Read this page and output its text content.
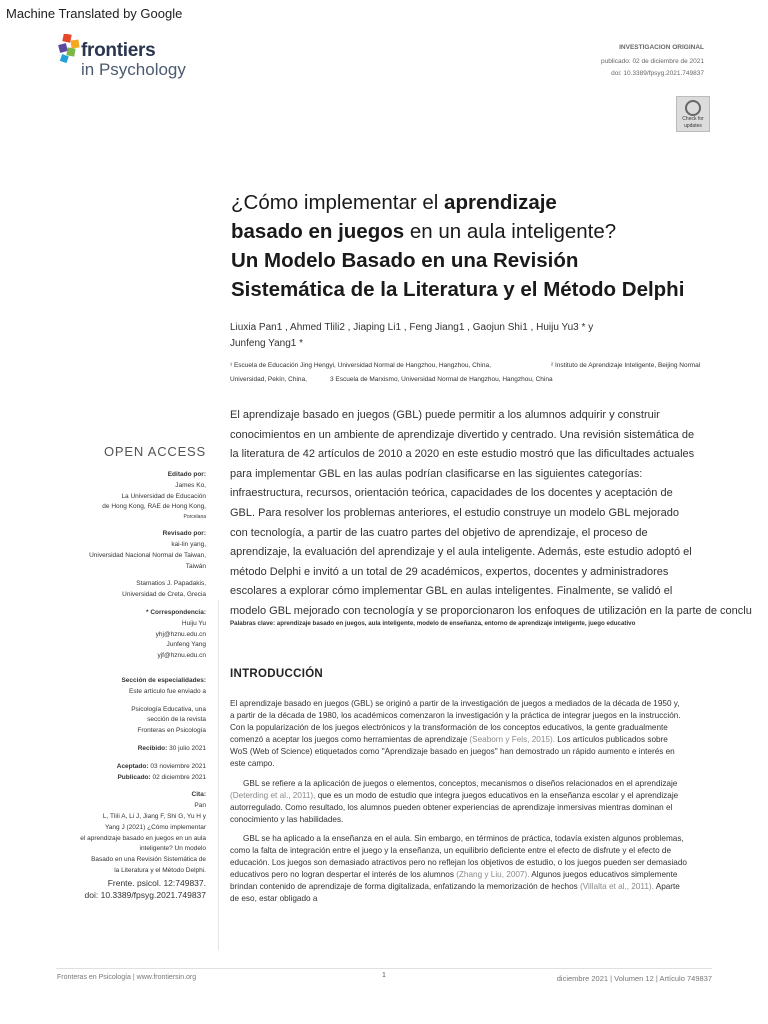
Machine Translated by Google
frontiers
in Psychology
INVESTIGACION ORIGINAL
publicado: 02 de diciembre de 2021
doi: 10.3389/fpsyg.2021.749837
Check for
updates
¿Cómo implementar el aprendizaje
basado en juegos en un aula inteligente?
Un Modelo Basado en una Revisión
Sistemática de la Literatura y el Método Delphi
Liuxia Pan1 , Ahmed Tlili2 , Jiaping Li1 , Feng Jiang1 , Gaojun Shi1 , Huiju Yu3 * y
Junfeng Yang1 *
¹ Escuela de Educación Jing Hengyi, Universidad Normal de Hangzhou, Hangzhou, China,	² Instituto de Aprendizaje Inteligente, Beijing Normal
Universidad, Pekín, China,	3 Escuela de Marxismo, Universidad Normal de Hangzhou, Hangzhou, China
El aprendizaje basado en juegos (GBL) puede permitir a los alumnos adquirir y construir
conocimientos en un ambiente de aprendizaje divertido y centrado. Una revisión sistemática de
la literatura de 42 artículos de 2010 a 2020 en este estudio mostró que las dificultades actuales
para implementar GBL en las aulas podrían clasificarse en las siguientes categorías:
infraestructura, recursos, orientación teórica, capacidades de los docentes y aceptación de
GBL. Para resolver los problemas anteriores, el estudio construye un modelo GBL mejorado
con tecnología, a partir de las cuatro partes del objetivo de aprendizaje, el proceso de
aprendizaje, la evaluación del aprendizaje y el aula inteligente. Además, este estudio adoptó el
método Delphi e invitó a un total de 29 académicos, expertos, docentes y administradores
escolares a explorar cómo implementar GBL en aulas inteligentes. Finalmente, se validó el
modelo GBL mejorado con tecnología y se proporcionaron los enfoques de utilización en la parte de conclu
Palabras clave: aprendizaje basado en juegos, aula inteligente, modelo de enseñanza, entorno de aprendizaje inteligente, juego educativo
INTRODUCCIÓN
El aprendizaje basado en juegos (GBL) se originó a partir de la investigación de juegos a mediados de la década de 1950 y,
a partir de la década de 1980, los académicos comenzaron la investigación y la práctica de integrar juegos en la instrucción.
Con la popularización de los juegos electrónicos y la transformación de los conceptos educativos, la gente gradualmente
comenzó a aceptar los juegos como herramientas de aprendizaje (Seaborn y Fels, 2015). Los artículos publicados sobre
WoS (Web of Science) etiquetados como "Aprendizaje basado en juegos" han demostrado un rápido aumento e interés en
este campo.
GBL se refiere a la aplicación de juegos o elementos, conceptos, mecanismos o diseños relacionados en el aprendizaje
(Deterding et al., 2011), que es un modo de estudio que integra juegos educativos en la enseñanza escolar y el aprendizaje
autorregulado. Como resultado, los alumnos pueden obtener experiencias de aprendizaje inmersivas mientras dominan el
conocimiento y las habilidades.
GBL se ha aplicado a la enseñanza en el aula. Sin embargo, en términos de práctica, todavía existen algunos problemas,
como la falta de integración entre el juego y la enseñanza, un equilibrio deficiente entre el efecto de disfrute y el efecto de
educación. Los juegos son demasiado atractivos pero no reflejan los objetivos de estudio, o los juegos pueden ser demasiado
educativos pero no logran despertar el interés de los alumnos (Zhang y Liu, 2007). Algunos juegos educativos simplemente
brindan contenido de aprendizaje de forma digitalizada, enfatizando la memorización de hechos (Villalta et al., 2011). Aparte
de eso, estar obligado a
OPEN ACCESS
Editado por:
James Ko,
La Universidad de Educación
de Hong Kong, RAE de Hong Kong,
Porcelana
Revisado por:
kai-lin yang,
Universidad Nacional Normal de Taiwan,
Taiwán
Stamatios J. Papadakis,
Universidad de Creta, Grecia
* Correspondencia:
Huiju Yu
yhj@hznu.edu.cn
Junfeng Yang
yjf@hznu.edu.cn
Sección de especialidades:
Este artículo fue enviado a
Psicología Educativa, una
sección de la revista
Fronteras en Psicología
Recibido: 30 julio 2021
Aceptado: 03 noviembre 2021
Publicado: 02 diciembre 2021
Cita:
Pan
L, Tlili A, Li J, Jiang F, Shi G, Yu H y
Yang J (2021) ¿Cómo implementar
el aprendizaje basado en juegos en un aula
inteligente? Un modelo
Basado en una Revisión Sistemática de
la Literatura y el Método Delphi.
Frente. psicol. 12:749837.
doi: 10.3389/fpsyg.2021.749837
Fronteras en Psicología | www.frontiersin.org	1	diciembre 2021 | Volumen 12 | Artículo 749837
